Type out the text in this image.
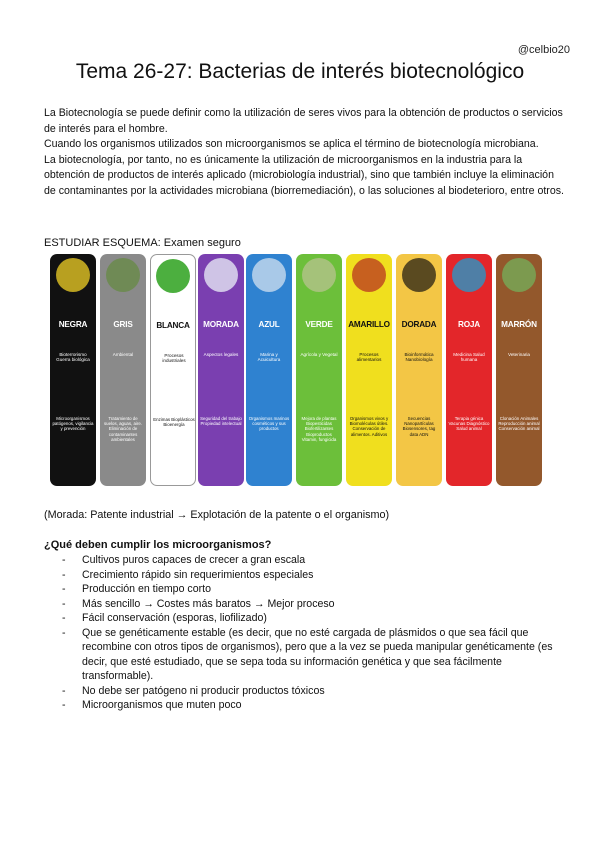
@celbio20
Tema 26-27: Bacterias de interés biotecnológico

La Biotecnología se puede definir como la utilización de seres vivos para la obtención de productos o servicios de interés para el hombre.

Cuando los organismos utilizados son microorganismos se aplica el término de biotecnología microbiana.

La biotecnología, por tanto, no es únicamente la utilización de microorganismos en la industria para la obtención de productos de interés aplicado (microbiología industrial), sino que también incluye la eliminación de contaminantes por la actividades microbiana (biorremediación), o las soluciones al biodeterioro, entre otros.

ESTUDIAR ESQUEMA: Examen seguro
NEGRA
Bioterrorismo Guerra biológica
Microorganismos patógenos, vigilancia y prevención
GRIS
Ambiental
Tratamiento de suelos, aguas, aire. Eliminación de contaminantes ambientales
BLANCA
Procesos industriales
Enzimas Bioplásticos Bioenergía
MORADA
Aspectos legales
Seguridad del trabajo Propiedad intelectual
AZUL
Marina y Acuicultura
Organismos marinos cosméticos y sus productos
VERDE
Agrícola y Vegetal
Mejora de plantas Biopesticidas Biofertilizantes Bioproductos Vitamin, fungicida
AMARILLO
Procesos alimentarios
Organismos vivos y Biomoléculas útiles. Conservación de alimentos. Aditivos
DORADA
Bioinformática Nanobiología
Secuencias Nanopartículas Biosensores, tag data ADN
ROJA
Medicina Salud humana
Terapia génica Vacunas Diagnóstico Salud animal
MARRÓN
Veterinaria
Clonación Animales Reproducción animal Conservación animal
(Morada: Patente industrial → Explotación de la patente o el organismo)
¿Qué deben cumplir los microorganismos?
- Cultivos puros capaces de crecer a gran escala
- Crecimiento rápido sin requerimientos especiales
- Producción en tiempo corto
- Más sencillo → Costes más baratos → Mejor proceso
- Fácil conservación (esporas, liofilizado)
- Que se genéticamente estable (es decir, que no esté cargada de plásmidos o que sea fácil que recombine con otros tipos de organismos), pero que a la vez se pueda manipular genéticamente (es decir, que esté estudiado, que se sepa toda su información genética y que sea fácilmente transformable).
- No debe ser patógeno ni producir productos tóxicos
- Microorganismos que muten poco
